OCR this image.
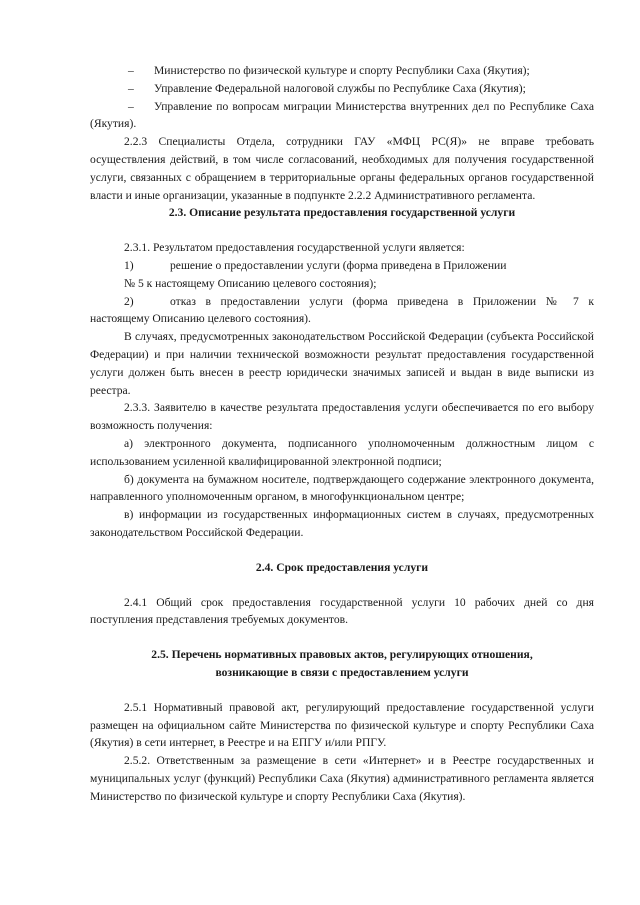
–	Министерство по физической культуре и спорту Республики Саха (Якутия);
–	Управление Федеральной налоговой службы по Республике Саха (Якутия);
– Управление по вопросам миграции Министерства внутренних дел по Республике Саха (Якутия).

2.2.3 Специалисты Отдела, сотрудники ГАУ «МФЦ РС(Я)» не вправе требовать осуществления действий, в том числе согласований, необходимых для получения государственной услуги, связанных с обращением в территориальные органы федеральных органов государственной власти и иные организации, указанные в подпункте 2.2.2 Административного регламента.

2.3. Описание результата предоставления государственной услуги

2.3.1. Результатом предоставления государственной услуги является:

1)	решение о предоставлении услуги (форма приведена в Приложении

№ 5 к настоящему Описанию целевого состояния);

2)	отказ в предоставлении услуги (форма приведена в Приложении № 7 к

настоящему Описанию целевого состояния).

В случаях, предусмотренных законодательством Российской Федерации (субъекта Российской Федерации) и при наличии технической возможности результат предоставления государственной услуги должен быть внесен в реестр юридически значимых записей и выдан в виде выписки из реестра.

2.3.3. Заявителю в качестве результата предоставления услуги обеспечивается по его выбору возможность получения:

а) электронного документа, подписанного уполномоченным должностным лицом с использованием усиленной квалифицированной электронной подписи;

б) документа на бумажном носителе, подтверждающего содержание электронного документа, направленного уполномоченным органом, в многофункциональном центре;

в) информации из государственных информационных систем в случаях, предусмотренных законодательством Российской Федерации.

2.4. Срок предоставления услуги

2.4.1 Общий срок предоставления государственной услуги 10 рабочих дней со дня поступления представления требуемых документов.

2.5. Перечень нормативных правовых актов, регулирующих отношения,
возникающие в связи с предоставлением услуги

2.5.1 Нормативный правовой акт, регулирующий предоставление государственной услуги размещен на официальном сайте Министерства по физической культуре и спорту Республики Саха (Якутия) в сети интернет, в Реестре и на ЕПГУ и/или РПГУ.

2.5.2. Ответственным за размещение в сети «Интернет» и в Реестре государственных и муниципальных услуг (функций) Республики Саха (Якутия) административного регламента является Министерство по физической культуре и спорту Республики Саха (Якутия).
